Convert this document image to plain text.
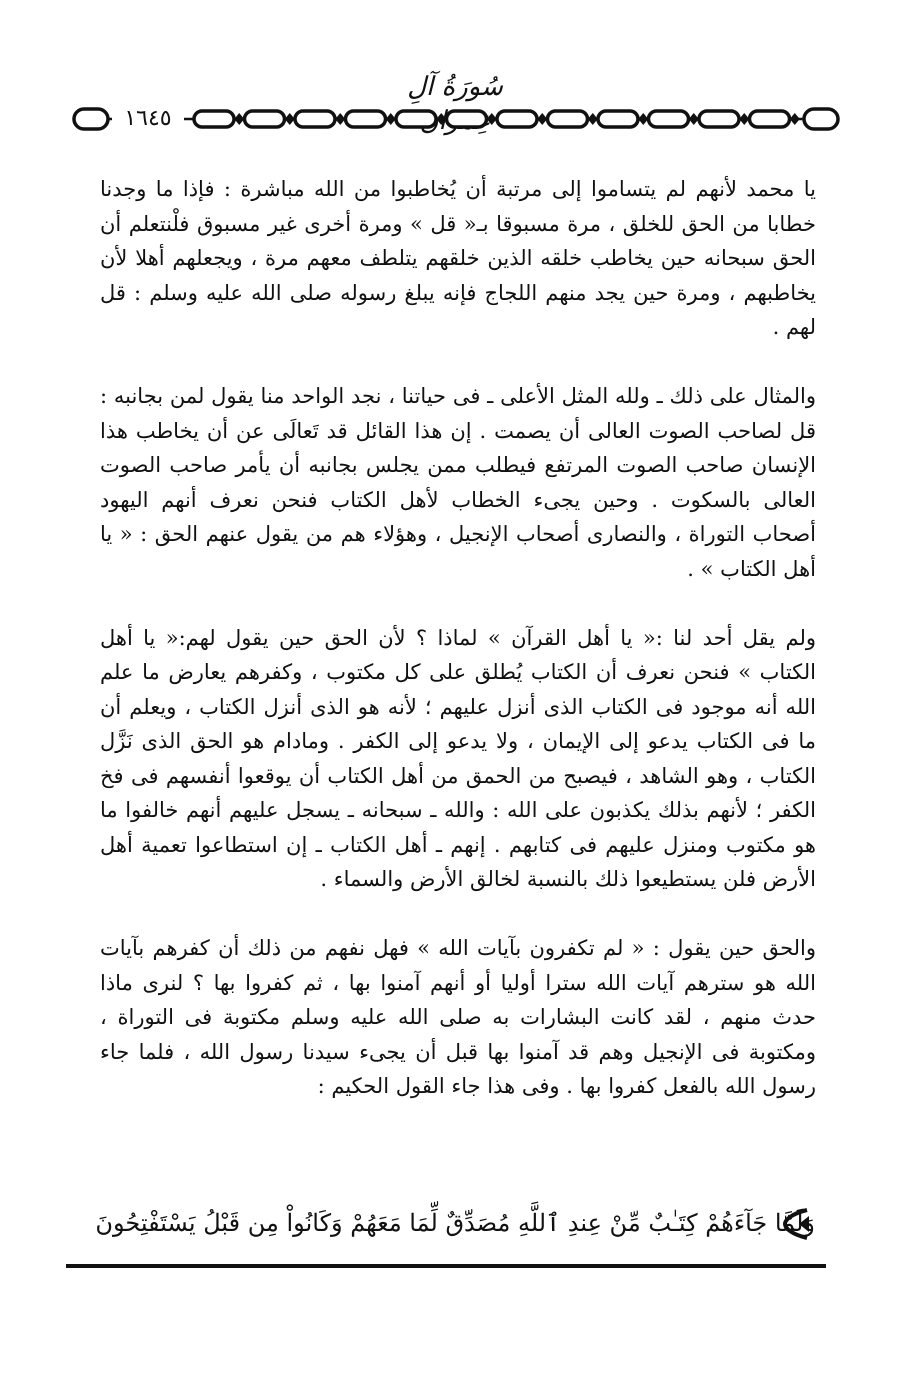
سُورَةُ آلِ
١٦٤٥

يا محمد لأنهم لم يتساموا إلى مرتبة أن يُخاطبوا من الله مباشرة : فإذا ما وجدنا خطابا من الحق للخلق ، مرة مسبوقا بـ« قل » ومرة أخرى غير مسبوق فلْنتعلم أن الحق سبحانه حين يخاطب خلقه الذين خلقهم يتلطف معهم مرة ، ويجعلهم أهلا لأن يخاطبهم ، ومرة حين يجد منهم اللجاج فإنه يبلغ رسوله صلى الله عليه وسلم : قل لهم .

والمثال على ذلك ـ ولله المثل الأعلى ـ فى حياتنا ، نجد الواحد منا يقول لمن بجانبه : قل لصاحب الصوت العالى أن يصمت . إن هذا القائل قد تَعالَى عن أن يخاطب هذا الإنسان صاحب الصوت المرتفع فيطلب ممن يجلس بجانبه أن يأمر صاحب الصوت العالى بالسكوت . وحين يجىء الخطاب لأهل الكتاب فنحن نعرف أنهم اليهود أصحاب التوراة ، والنصارى أصحاب الإنجيل ، وهؤلاء هم من يقول عنهم الحق : « يا أهل الكتاب » .

ولم يقل أحد لنا :« يا أهل القرآن » لماذا ؟ لأن الحق حين يقول لهم:« يا أهل الكتاب » فنحن نعرف أن الكتاب يُطلق على كل مكتوب ، وكفرهم يعارض ما علم الله أنه موجود فى الكتاب الذى أنزل عليهم ؛ لأنه هو الذى أنزل الكتاب ، ويعلم أن ما فى الكتاب يدعو إلى الإيمان ، ولا يدعو إلى الكفر . ومادام هو الحق الذى نَزَّل الكتاب ، وهو الشاهد ، فيصبح من الحمق من أهل الكتاب أن يوقعوا أنفسهم فى فخ الكفر ؛ لأنهم بذلك يكذبون على الله : والله ـ سبحانه ـ يسجل عليهم أنهم خالفوا ما هو مكتوب ومنزل عليهم فى كتابهم . إنهم ـ أهل الكتاب ـ إن استطاعوا تعمية أهل الأرض فلن يستطيعوا ذلك بالنسبة لخالق الأرض والسماء .

والحق حين يقول : « لم تكفرون بآيات الله » فهل نفهم من ذلك أن كفرهم بآيات الله هو سترهم آيات الله سترا أوليا أو أنهم آمنوا بها ، ثم كفروا بها ؟ لنرى ماذا حدث منهم ، لقد كانت البشارات به صلى الله عليه وسلم مكتوبة فى التوراة ، ومكتوبة فى الإنجيل وهم قد آمنوا بها قبل أن يجىء سيدنا رسول الله ، فلما جاء رسول الله بالفعل كفروا بها . وفى هذا جاء القول الحكيم :

وَلَمَّا جَآءَهُمْ كِتَـٰبٌ مِّنْ عِندِ ٱللَّهِ مُصَدِّقٌ لِّمَا مَعَهُمْ وَكَانُواْ مِن قَبْلُ يَسْتَفْتِحُونَ
